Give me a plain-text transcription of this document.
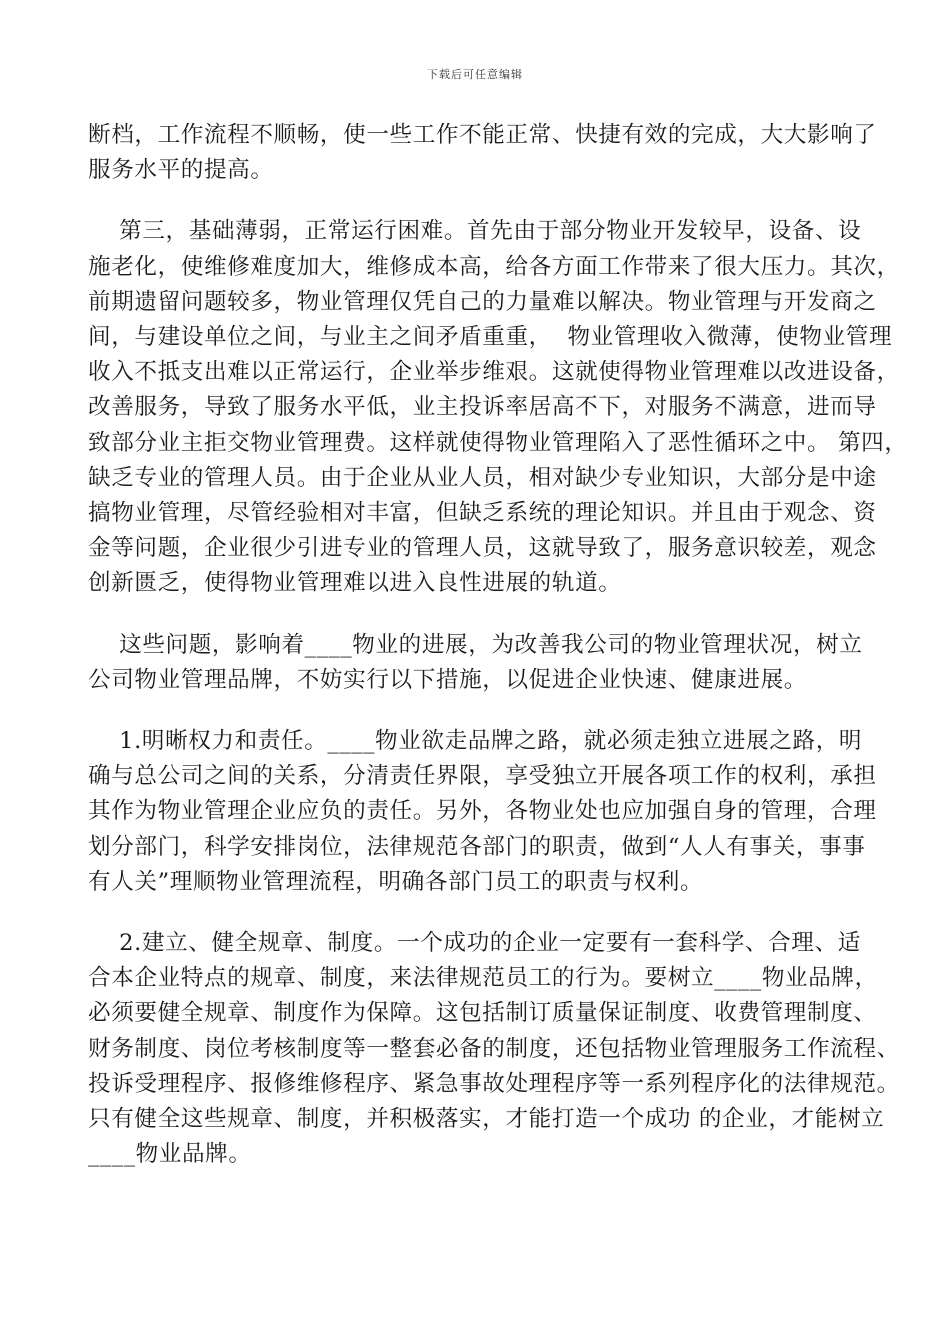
下载后可任意编辑
断档，工作流程不顺畅，使一些工作不能正常、快捷有效的完成，大大影响了
服务水平的提高。
第三，基础薄弱，正常运行困难。首先由于部分物业开发较早，设备、设
施老化，使维修难度加大，维修成本高，给各方面工作带来了很大压力。其次，
前期遗留问题较多，物业管理仅凭自己的力量难以解决。物业管理与开发商之
间，与建设单位之间，与业主之间矛盾重重，  物业管理收入微薄，使物业管理
收入不抵支出难以正常运行，企业举步维艰。这就使得物业管理难以改进设备，
改善服务，导致了服务水平低，业主投诉率居高不下，对服务不满意，进而导
致部分业主拒交物业管理费。这样就使得物业管理陷入了恶性循环之中。 第四，
缺乏专业的管理人员。由于企业从业人员，相对缺少专业知识，大部分是中途
搞物业管理，尽管经验相对丰富，但缺乏系统的理论知识。并且由于观念、资
金等问题，企业很少引进专业的管理人员，这就导致了，服务意识较差，观念
创新匮乏，使得物业管理难以进入良性进展的轨道。
这些问题，影响着____物业的进展，为改善我公司的物业管理状况，树立
公司物业管理品牌，不妨实行以下措施，以促进企业快速、健康进展。
1.明晰权力和责任。____物业欲走品牌之路，就必须走独立进展之路，明
确与总公司之间的关系，分清责任界限，享受独立开展各项工作的权利，承担
其作为物业管理企业应负的责任。另外，各物业处也应加强自身的管理，合理
划分部门，科学安排岗位，法律规范各部门的职责，做到“人人有事关，事事
有人关”理顺物业管理流程，明确各部门员工的职责与权利。
2.建立、健全规章、制度。一个成功的企业一定要有一套科学、合理、适
合本企业特点的规章、制度，来法律规范员工的行为。要树立____物业品牌，
必须要健全规章、制度作为保障。这包括制订质量保证制度、收费管理制度、
财务制度、岗位考核制度等一整套必备的制度，还包括物业管理服务工作流程、
投诉受理程序、报修维修程序、紧急事故处理程序等一系列程序化的法律规范。
只有健全这些规章、制度，并积极落实，才能打造一个成功 的企业，才能树立
____物业品牌。
